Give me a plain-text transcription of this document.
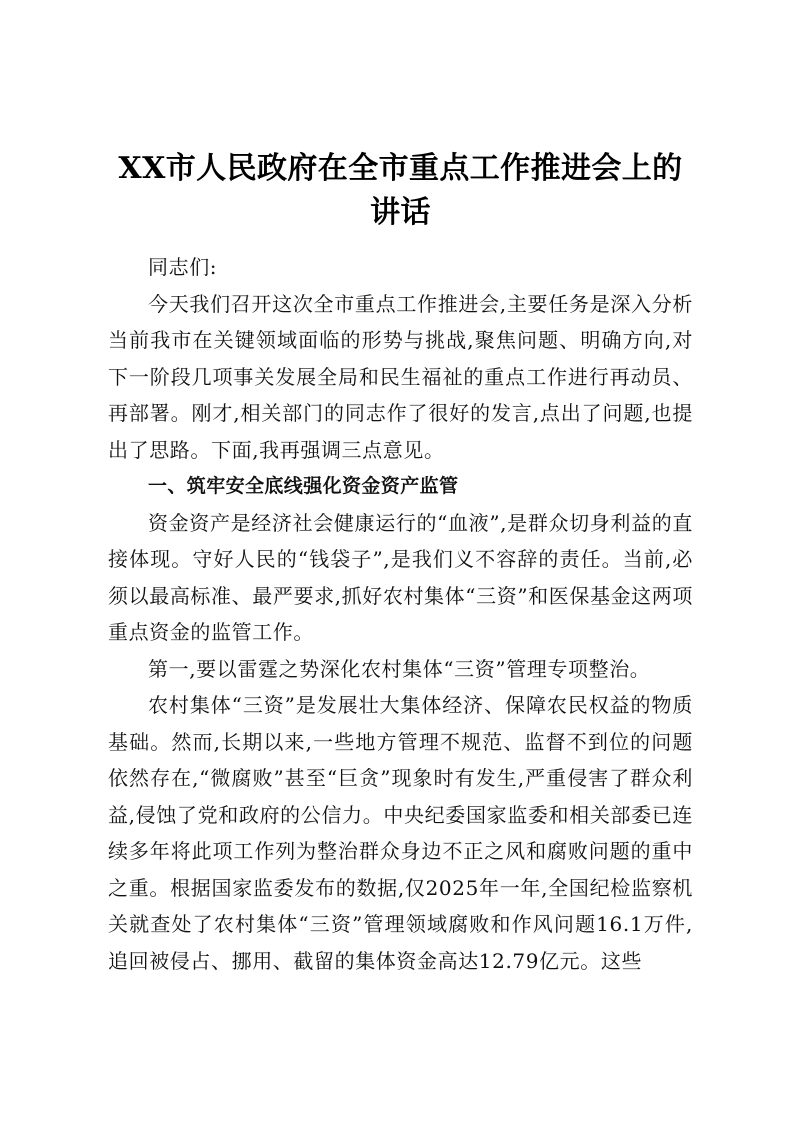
XX市人民政府在全市重点工作推进会上的讲话

同志们:

今天我们召开这次全市重点工作推进会,主要任务是深入分析当前我市在关键领域面临的形势与挑战,聚焦问题、明确方向,对下一阶段几项事关发展全局和民生福祉的重点工作进行再动员、再部署。刚才,相关部门的同志作了很好的发言,点出了问题,也提出了思路。下面,我再强调三点意见。

一、筑牢安全底线强化资金资产监管

资金资产是经济社会健康运行的“血液”,是群众切身利益的直接体现。守好人民的“钱袋子”,是我们义不容辞的责任。当前,必须以最高标准、最严要求,抓好农村集体“三资”和医保基金这两项重点资金的监管工作。

第一,要以雷霆之势深化农村集体“三资”管理专项整治。

农村集体“三资”是发展壮大集体经济、保障农民权益的物质基础。然而,长期以来,一些地方管理不规范、监督不到位的问题依然存在,“微腐败”甚至“巨贪”现象时有发生,严重侵害了群众利益,侵蚀了党和政府的公信力。中央纪委国家监委和相关部委已连续多年将此项工作列为整治群众身边不正之风和腐败问题的重中之重。根据国家监委发布的数据,仅2025年一年,全国纪检监察机关就查处了农村集体“三资”管理领域腐败和作风问题16.1万件,追回被侵占、挪用、截留的集体资金高达12.79亿元。这些
